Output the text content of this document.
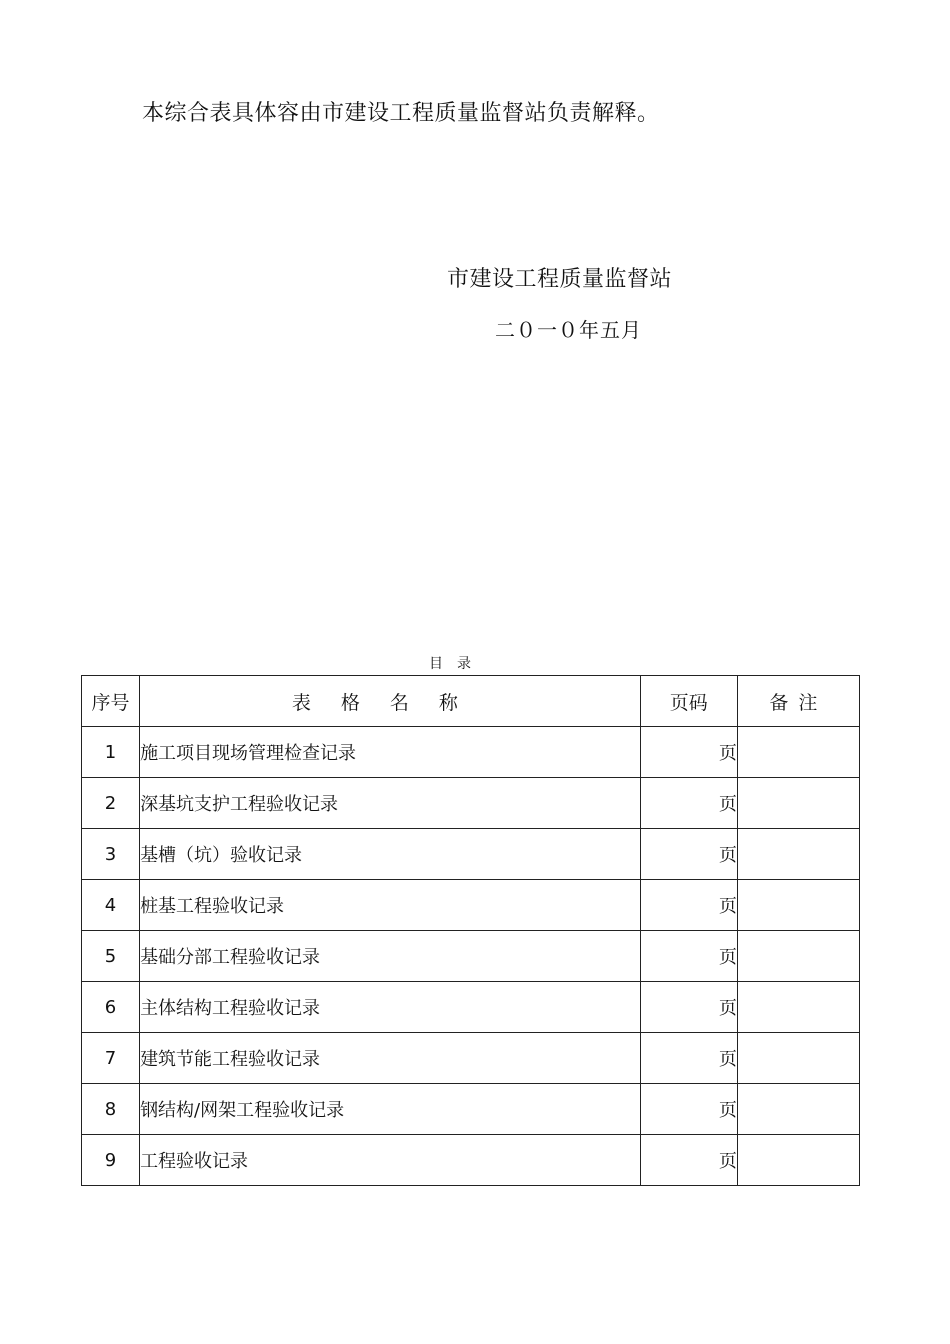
本综合表具体容由市建设工程质量监督站负责解释。
市建设工程质量监督站
二０一０年五月
目　录
序号	表格名称	页码	备注
1	施工项目现场管理检查记录	页	
2	深基坑支护工程验收记录	页	
3	基槽（坑）验收记录	页	
4	桩基工程验收记录	页	
5	基础分部工程验收记录	页	
6	主体结构工程验收记录	页	
7	建筑节能工程验收记录	页	
8	钢结构/网架工程验收记录	页	
9	工程验收记录	页	
